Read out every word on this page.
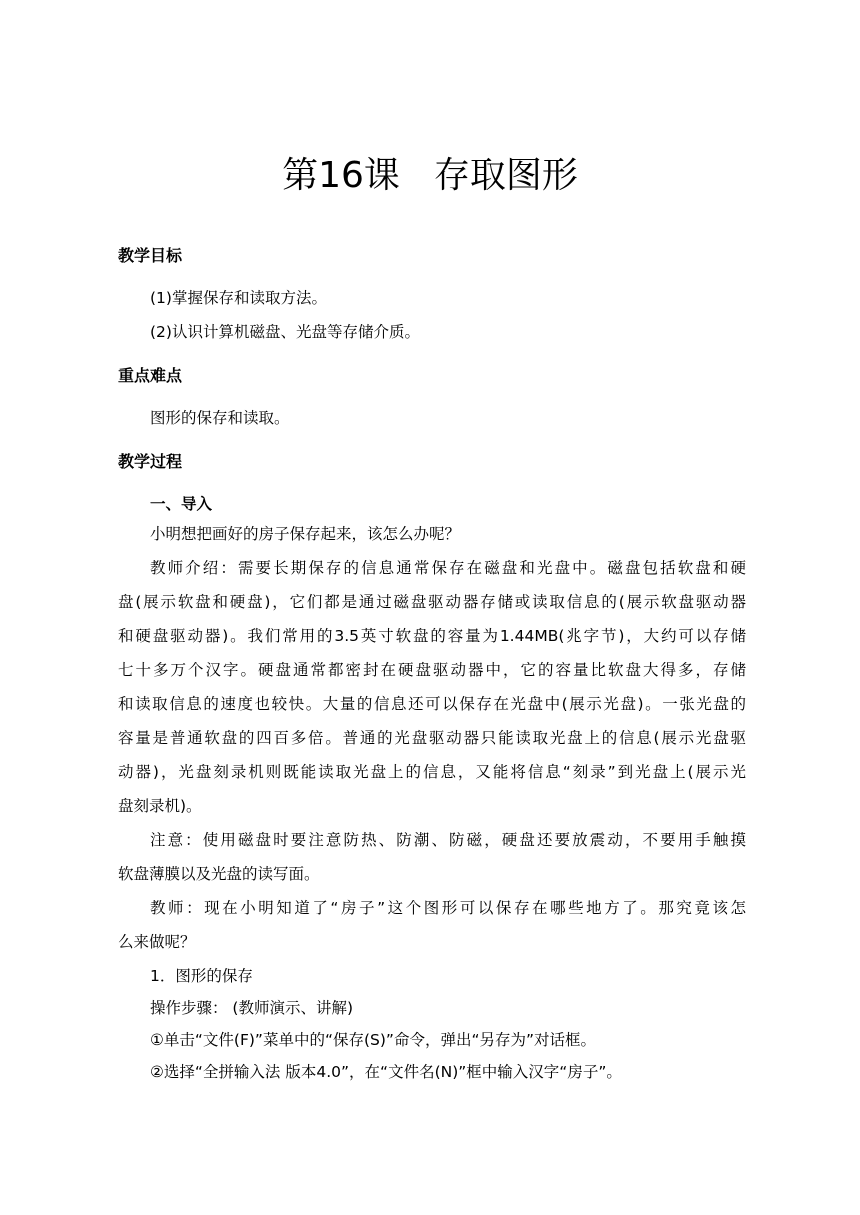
第16课 存取图形
教学目标
(1)掌握保存和读取方法。
(2)认识计算机磁盘、光盘等存储介质。
重点难点
图形的保存和读取。
教学过程
一、导入
小明想把画好的房子保存起来，该怎么办呢？
教师介绍：需要长期保存的信息通常保存在磁盘和光盘中。磁盘包括软盘和硬
盘(展示软盘和硬盘)，它们都是通过磁盘驱动器存储或读取信息的(展示软盘驱动器
和硬盘驱动器)。我们常用的3.5英寸软盘的容量为1.44MB(兆字节)，大约可以存储
七十多万个汉字。硬盘通常都密封在硬盘驱动器中，它的容量比软盘大得多，存储
和读取信息的速度也较快。大量的信息还可以保存在光盘中(展示光盘)。一张光盘的
容量是普通软盘的四百多倍。普通的光盘驱动器只能读取光盘上的信息(展示光盘驱
动器)，光盘刻录机则既能读取光盘上的信息，又能将信息“刻录”到光盘上(展示光
盘刻录机)。
注意：使用磁盘时要注意防热、防潮、防磁，硬盘还要放震动，不要用手触摸
软盘薄膜以及光盘的读写面。
教师：现在小明知道了“房子”这个图形可以保存在哪些地方了。那究竟该怎
么来做呢？
1．图形的保存
操作步骤： (教师演示、讲解)
①单击“文件(F)”菜单中的“保存(S)”命令，弹出“另存为”对话框。
②选择“全拼输入法 版本4.0”，在“文件名(N)”框中输入汉字“房子”。
